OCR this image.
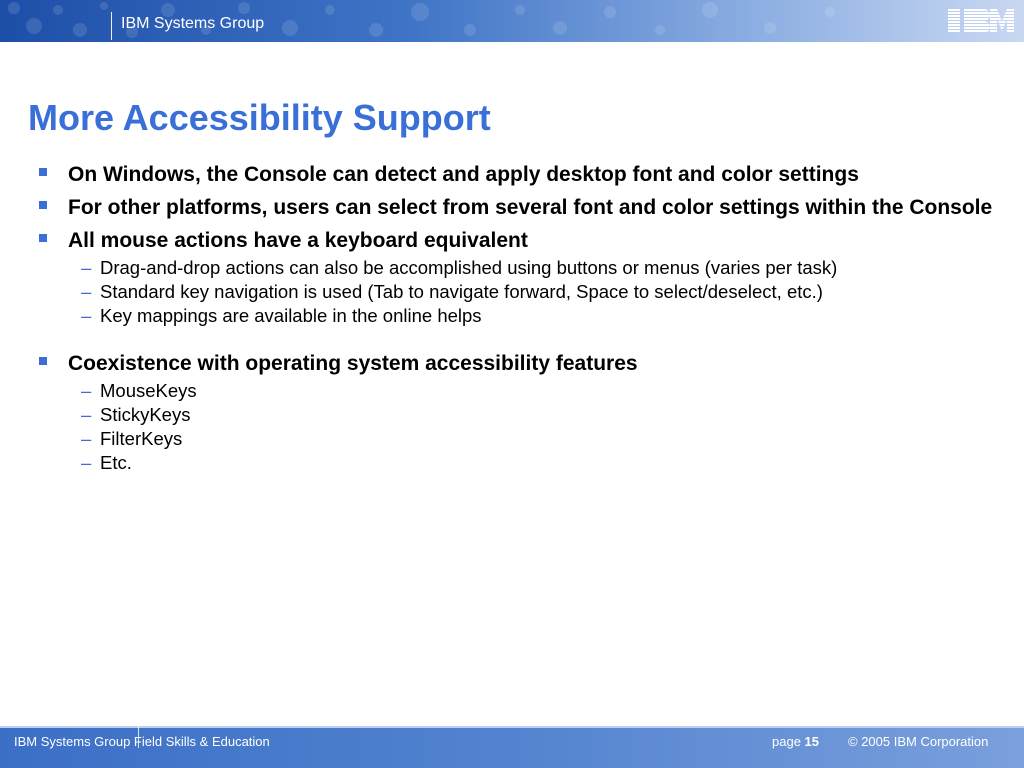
IBM Systems Group
More Accessibility Support
On Windows, the Console can detect and apply desktop font and color settings
For other platforms, users can select from several font and color settings within the Console
All mouse actions have a keyboard equivalent
– Drag-and-drop actions can also be accomplished using buttons or menus (varies per task)
– Standard key navigation is used (Tab to navigate forward, Space to select/deselect, etc.)
– Key mappings are available in the online helps
Coexistence with operating system accessibility features
– MouseKeys
– StickyKeys
– FilterKeys
– Etc.
IBM Systems Group Field Skills & Education	page 15 © 2005 IBM Corporation
